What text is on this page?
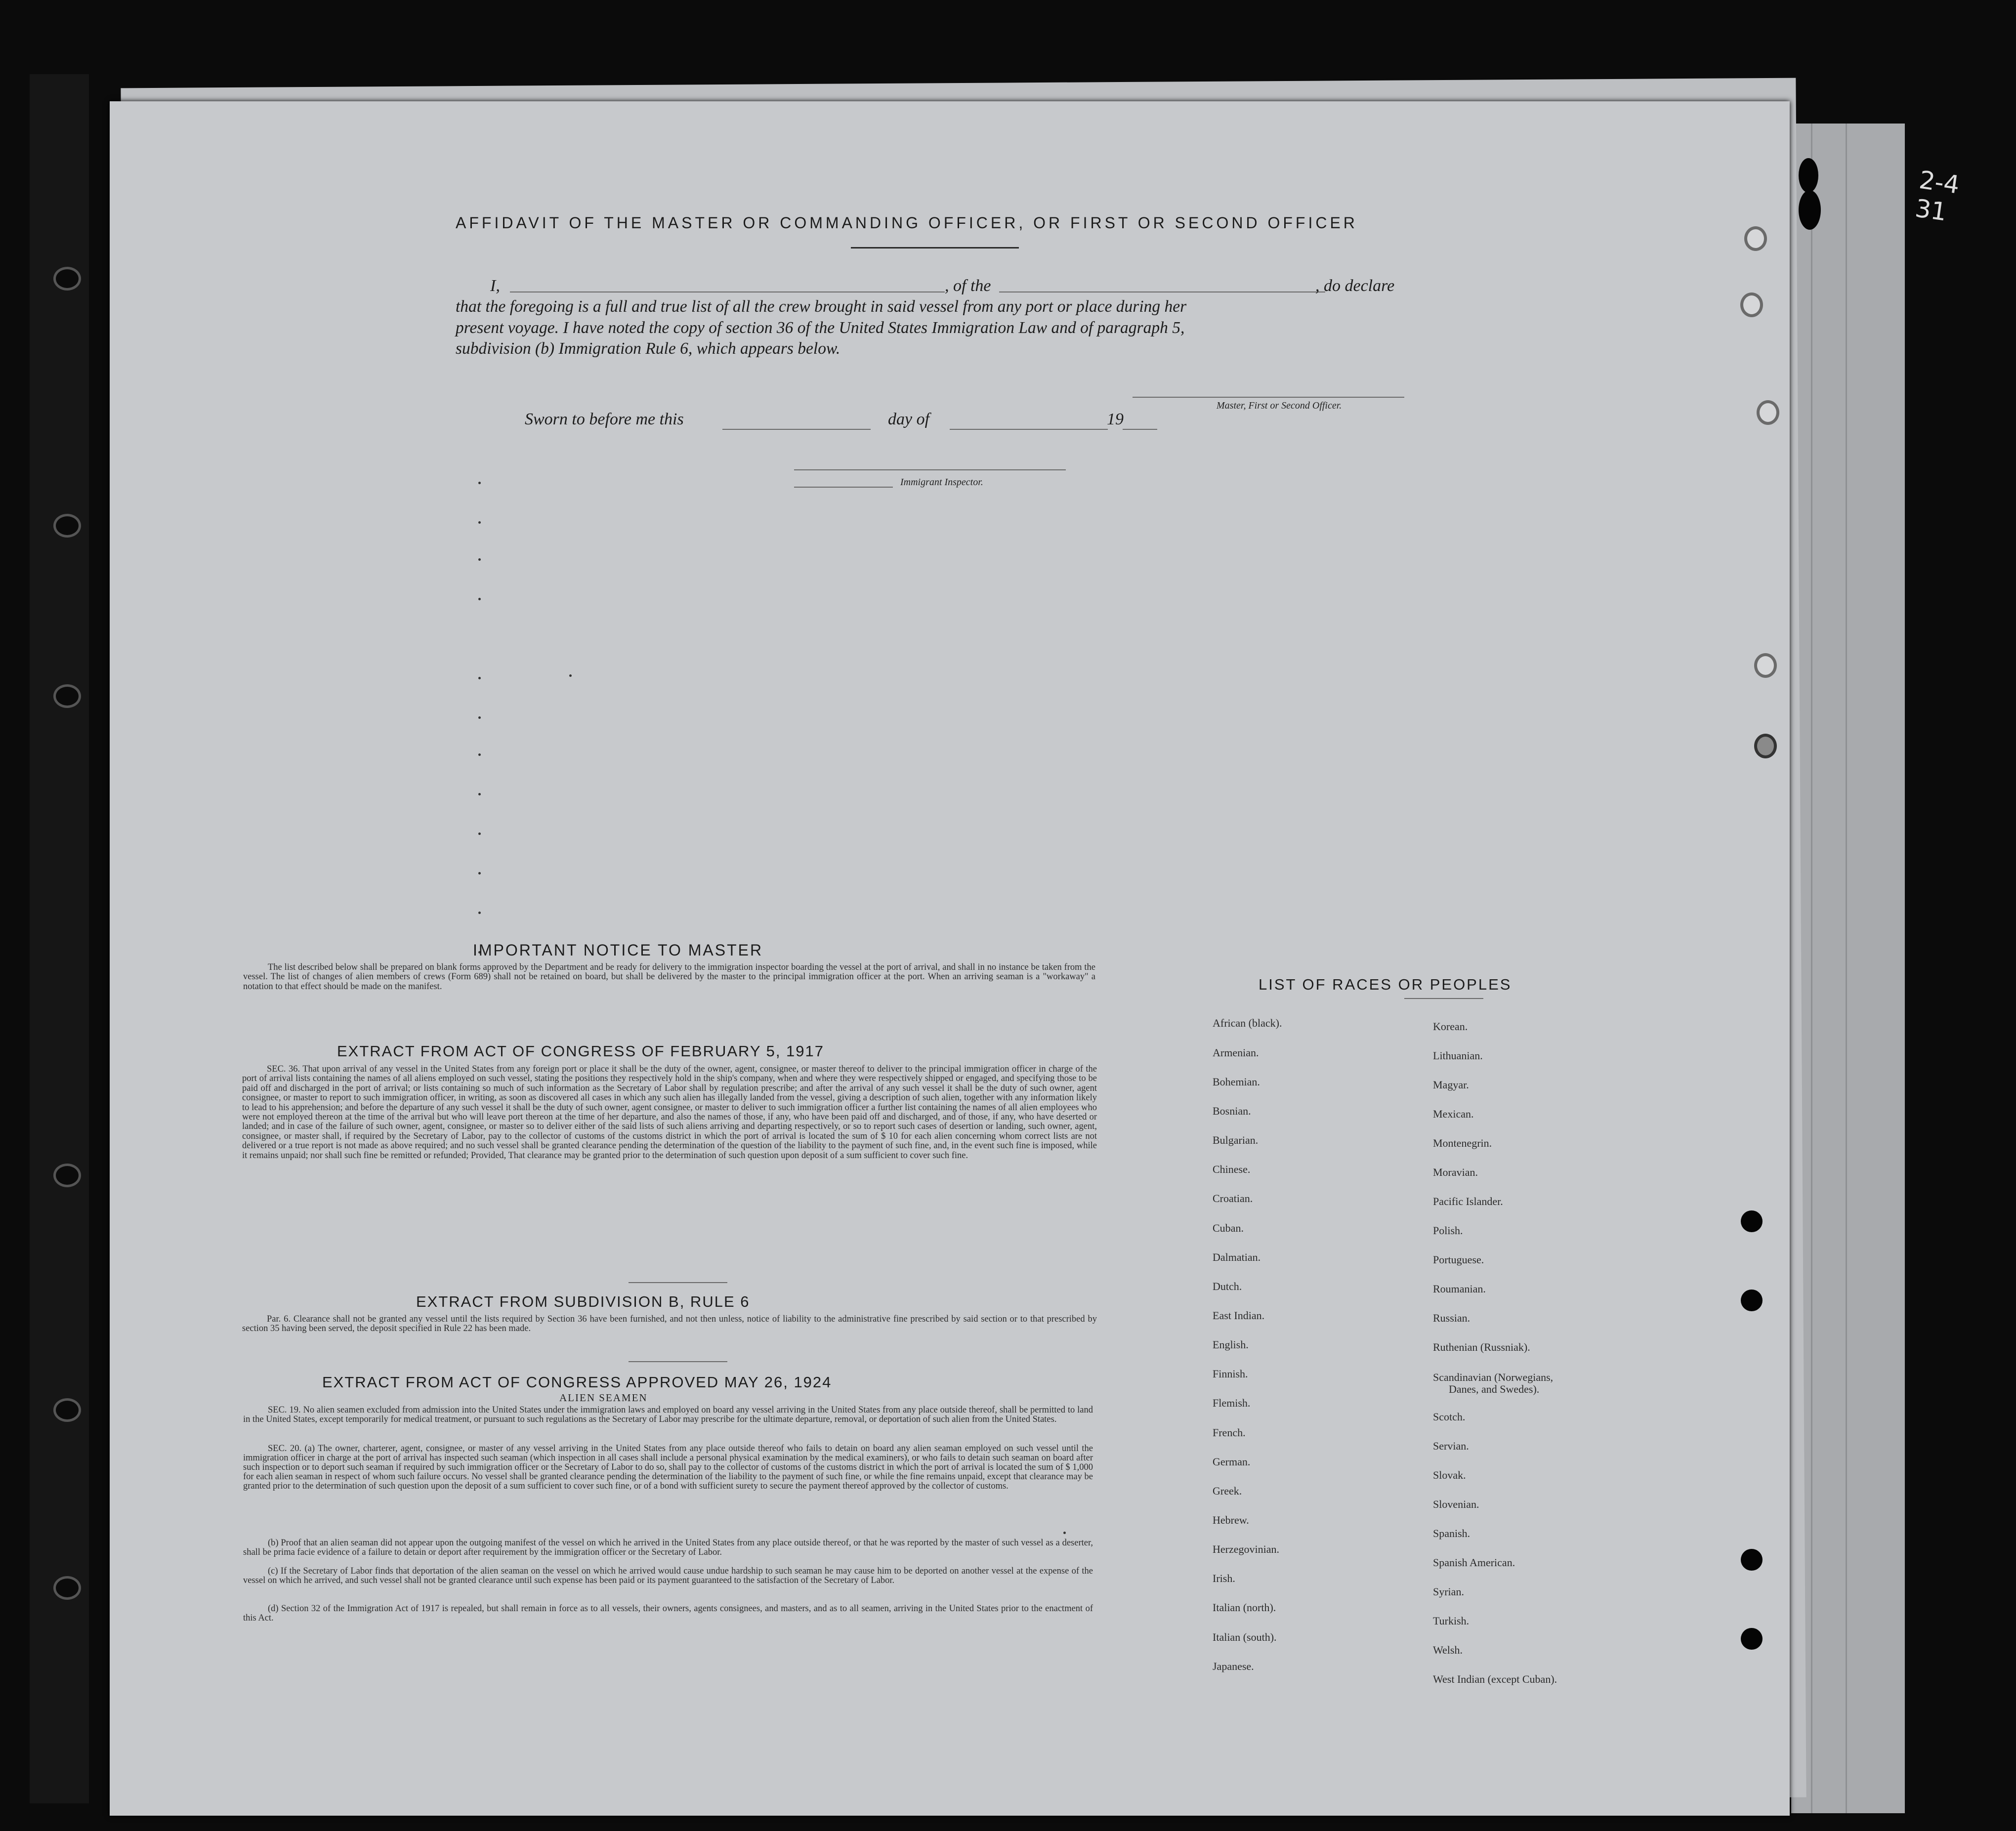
AFFIDAVIT OF THE MASTER OR COMMANDING OFFICER, OR FIRST OR SECOND OFFICER
I,	, of the	, do declare
that the foregoing is a full and true list of all the crew brought in said vessel from any port or place during her
present voyage. I have noted the copy of section 36 of the United States Immigration Law and of paragraph 5,
subdivision (b) Immigration Rule 6, which appears below.
Master, First or Second Officer.
Sworn to before me this	day of	19
Immigrant Inspector.
IMPORTANT NOTICE TO MASTER

The list described below shall be prepared on blank forms approved by the Department and be ready for delivery to the immigration inspector boarding the vessel at the port of arrival, and shall in no instance be taken from the vessel. The list of changes of alien members of crews (Form 689) shall not be retained on board, but shall be delivered by the master to the principal immigration officer at the port. When an arriving seaman is a "workaway" a notation to that effect should be made on the manifest.

EXTRACT FROM ACT OF CONGRESS OF FEBRUARY 5, 1917

SEC. 36. That upon arrival of any vessel in the United States from any foreign port or place it shall be the duty of the owner, agent, consignee, or master thereof to deliver to the principal immigration officer in charge of the port of arrival lists containing the names of all aliens employed on such vessel, stating the positions they respectively hold in the ship's company, when and where they were respectively shipped or engaged, and specifying those to be paid off and discharged in the port of arrival; or lists containing so much of such information as the Secretary of Labor shall by regulation prescribe; and after the arrival of any such vessel it shall be the duty of such owner, agent consignee, or master to report to such immigration officer, in writing, as soon as discovered all cases in which any such alien has illegally landed from the vessel, giving a description of such alien, together with any information likely to lead to his apprehension; and before the departure of any such vessel it shall be the duty of such owner, agent consignee, or master to deliver to such immigration officer a further list containing the names of all alien employees who were not employed thereon at the time of the arrival but who will leave port thereon at the time of her departure, and also the names of those, if any, who have been paid off and discharged, and of those, if any, who have deserted or landed; and in case of the failure of such owner, agent, consignee, or master so to deliver either of the said lists of such aliens arriving and departing respectively, or so to report such cases of desertion or landing, such owner, agent, consignee, or master shall, if required by the Secretary of Labor, pay to the collector of customs of the customs district in which the port of arrival is located the sum of $ 10 for each alien concerning whom correct lists are not delivered or a true report is not made as above required; and no such vessel shall be granted clearance pending the determination of the question of the liability to the payment of such fine, and, in the event such fine is imposed, while it remains unpaid; nor shall such fine be remitted or refunded; Provided, That clearance may be granted prior to the determination of such question upon deposit of a sum sufficient to cover such fine.

EXTRACT FROM SUBDIVISION B, RULE 6

Par. 6. Clearance shall not be granted any vessel until the lists required by Section 36 have been furnished, and not then unless, notice of liability to the administrative fine prescribed by said section or to that prescribed by section 35 having been served, the deposit specified in Rule 22 has been made.

EXTRACT FROM ACT OF CONGRESS APPROVED MAY 26, 1924
ALIEN SEAMEN

SEC. 19. No alien seamen excluded from admission into the United States under the immigration laws and employed on board any vessel arriving in the United States from any place outside thereof, shall be permitted to land in the United States, except temporarily for medical treatment, or pursuant to such regulations as the Secretary of Labor may prescribe for the ultimate departure, removal, or deportation of such alien from the United States.

SEC. 20. (a) The owner, charterer, agent, consignee, or master of any vessel arriving in the United States from any place outside thereof who fails to detain on board any alien seaman employed on such vessel until the immigration officer in charge at the port of arrival has inspected such seaman (which inspection in all cases shall include a personal physical examination by the medical examiners), or who fails to detain such seaman on board after such inspection or to deport such seaman if required by such immigration officer or the Secretary of Labor to do so, shall pay to the collector of customs of the customs district in which the port of arrival is located the sum of $ 1,000 for each alien seaman in respect of whom such failure occurs. No vessel shall be granted clearance pending the determination of the liability to the payment of such fine, or while the fine remains unpaid, except that clearance may be granted prior to the determination of such question upon the deposit of a sum sufficient to cover such fine, or of a bond with sufficient surety to secure the payment thereof approved by the collector of customs.

(b) Proof that an alien seaman did not appear upon the outgoing manifest of the vessel on which he arrived in the United States from any place outside thereof, or that he was reported by the master of such vessel as a deserter, shall be prima facie evidence of a failure to detain or deport after requirement by the immigration officer or the Secretary of Labor.

(c) If the Secretary of Labor finds that deportation of the alien seaman on the vessel on which he arrived would cause undue hardship to such seaman he may cause him to be deported on another vessel at the expense of the vessel on which he arrived, and such vessel shall not be granted clearance until such expense has been paid or its payment guaranteed to the satisfaction of the Secretary of Labor.

(d) Section 32 of the Immigration Act of 1917 is repealed, but shall remain in force as to all vessels, their owners, agents consignees, and masters, and as to all seamen, arriving in the United States prior to the enactment of this Act.

LIST OF RACES OR PEOPLES
African (black).
Armenian.
Bohemian.
Bosnian.
Bulgarian.
Chinese.
Croatian.
Cuban.
Dalmatian.
Dutch.
East Indian.
English.
Finnish.
Flemish.
French.
German.
Greek.
Hebrew.
Herzegovinian.
Irish.
Italian (north).
Italian (south).
Japanese.
Korean.
Lithuanian.
Magyar.
Mexican.
Montenegrin.
Moravian.
Pacific Islander.
Polish.
Portuguese.
Roumanian.
Russian.
Ruthenian (Russniak).
Scandinavian (Norwegians,
Danes, and Swedes).
Scotch.
Servian.
Slovak.
Slovenian.
Spanish.
Spanish American.
Syrian.
Turkish.
Welsh.
West Indian (except Cuban).
2-4
31
